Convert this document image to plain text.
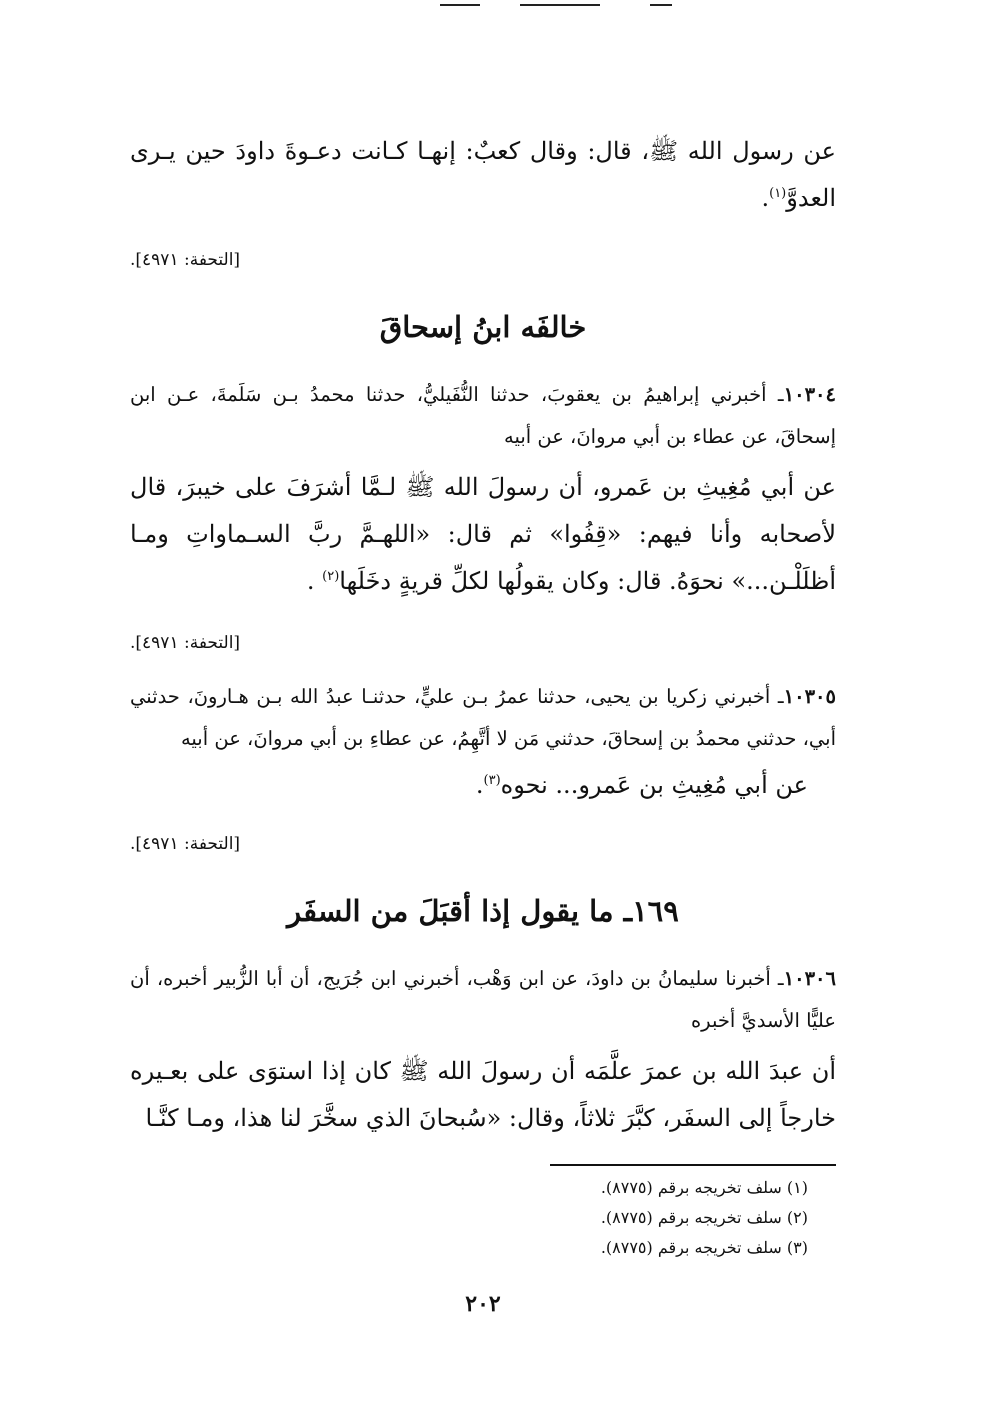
عن رسول الله ﷺ، قال: وقال كعبٌ: إنهـا كـانت دعـوةَ داودَ حين يـرى العدوَّ$^{(١)}$.

[التحفة: ٤٩٧١].

خالفَه ابنُ إسحاقَ

١٠٣٠٤ـ أخبرني إبراهيمُ بن يعقوبَ، حدثنا النُّفَيليُّ، حدثنا محمدُ بـن سَلَمةَ، عـن ابن إسحاقَ، عن عطاء بن أبي مروانَ، عن أبيه

عن أبي مُغِيثِ بن عَمرو، أن رسولَ الله ﷺ لـمَّا أشرَفَ على خيبرَ، قال لأصحابه وأنا فيهم: «قِفُوا» ثم قال: «اللهـمَّ ربَّ السـماواتِ ومـا أظلَلْـن...» نحوَهُ. قال: وكان يقولُها لكلِّ قريةٍ دخَلَها$^{(٢)}$ .

[التحفة: ٤٩٧١].

١٠٣٠٥ـ أخبرني زكريا بن يحيى، حدثنا عمرُ بـن عليٍّ، حدثنـا عبدُ الله بـن هـارونَ، حدثني أبي، حدثني محمدُ بن إسحاقَ، حدثني مَن لا أتَّهِمُ، عن عطاءِ بن أبي مروانَ، عن أبيه

عن أبي مُغِيثِ بن عَمرو... نحوه$^{(٣)}$.

[التحفة: ٤٩٧١].

١٦٩ـ ما يقول إذا أقبَلَ من السفَر

١٠٣٠٦ـ أخبرنا سليمانُ بن داودَ، عن ابن وَهْب، أخبرني ابن جُرَيج، أن أبا الزُّبير أخبره، أن عليًّا الأسديَّ أخبره

أن عبدَ الله بن عمرَ علَّمَه أن رسولَ الله ﷺ كان إذا استوَى على بعـيره خارجاً إلى السفَر، كبَّرَ ثلاثاً، وقال: «سُبحانَ الذي سخَّرَ لنا هذا، ومـا كنَّـا

(١) سلف تخريجه برقم (٨٧٧٥).

(٢) سلف تخريجه برقم (٨٧٧٥).

(٣) سلف تخريجه برقم (٨٧٧٥).

٢٠٢
